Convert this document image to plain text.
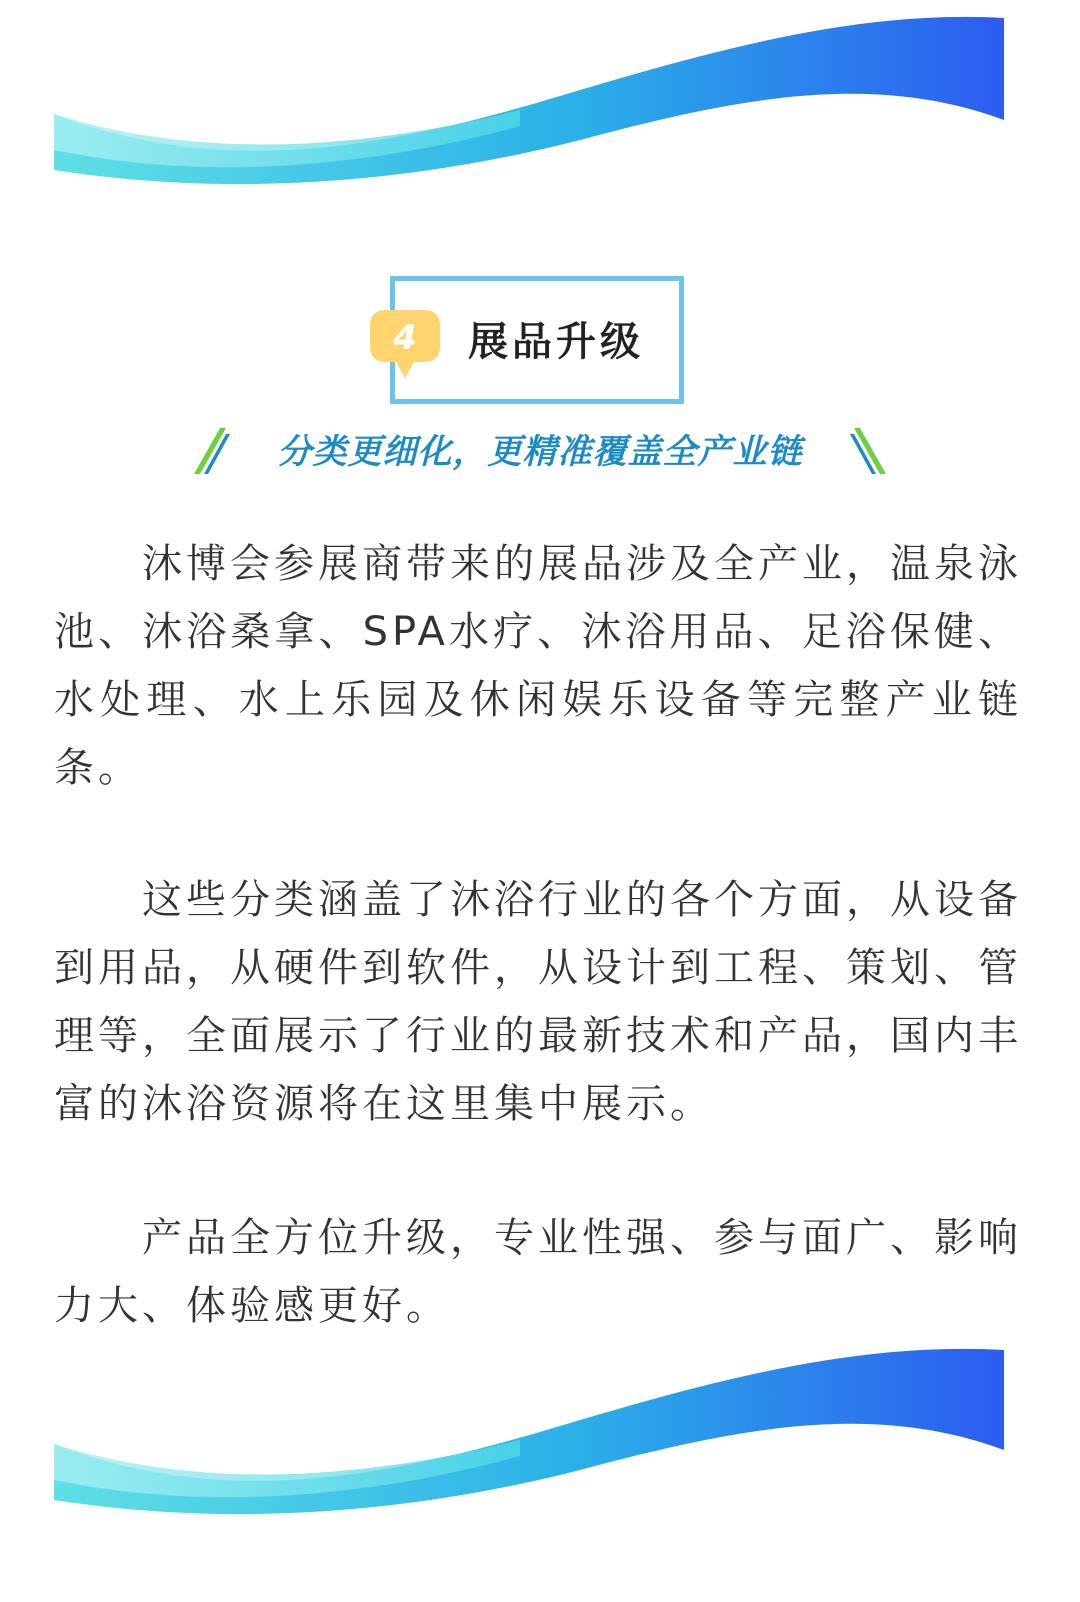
4	展品升级
分类更细化，更精准覆盖全产业链

沐博会参展商带来的展品涉及全产业，温泉泳池、沐浴桑拿、SPA水疗、沐浴用品、足浴保健、水处理、水上乐园及休闲娱乐设备等完整产业链条。

这些分类涵盖了沐浴行业的各个方面，从设备到用品，从硬件到软件，从设计到工程、策划、管理等，全面展示了行业的最新技术和产品，国内丰富的沐浴资源将在这里集中展示。

产品全方位升级，专业性强、参与面广、影响力大、体验感更好。
